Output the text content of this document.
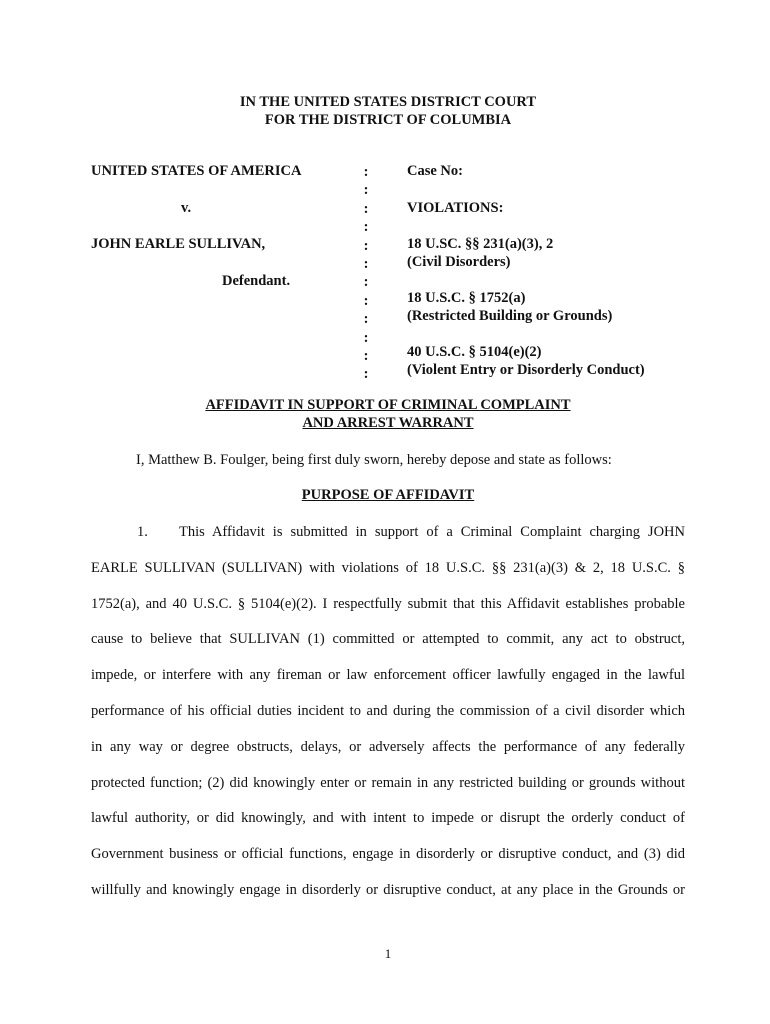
IN THE UNITED STATES DISTRICT COURT
FOR THE DISTRICT OF COLUMBIA
UNITED STATES OF AMERICA
v.
JOHN EARLE SULLIVAN,
Defendant.
:
:
:
:
:
:
:
:
:
:
:
:
Case No:
VIOLATIONS:
18 U.SC. §§ 231(a)(3), 2
(Civil Disorders)
18 U.S.C. § 1752(a)
(Restricted Building or Grounds)
40 U.S.C. § 5104(e)(2)
(Violent Entry or Disorderly Conduct)
AFFIDAVIT IN SUPPORT OF CRIMINAL COMPLAINT
AND ARREST WARRANT
I, Matthew B. Foulger, being first duly sworn, hereby depose and state as follows:
PURPOSE OF AFFIDAVIT
1. This Affidavit is submitted in support of a Criminal Complaint charging JOHN
EARLE SULLIVAN (SULLIVAN) with violations of 18 U.S.C. §§ 231(a)(3) & 2, 18 U.S.C. §
1752(a), and 40 U.S.C. § 5104(e)(2). I respectfully submit that this Affidavit establishes probable
cause to believe that SULLIVAN (1) committed or attempted to commit, any act to obstruct,
impede, or interfere with any fireman or law enforcement officer lawfully engaged in the lawful
performance of his official duties incident to and during the commission of a civil disorder which
in any way or degree obstructs, delays, or adversely affects the performance of any federally
protected function; (2) did knowingly enter or remain in any restricted building or grounds without
lawful authority, or did knowingly, and with intent to impede or disrupt the orderly conduct of
Government business or official functions, engage in disorderly or disruptive conduct, and (3) did
willfully and knowingly engage in disorderly or disruptive conduct, at any place in the Grounds or
1
